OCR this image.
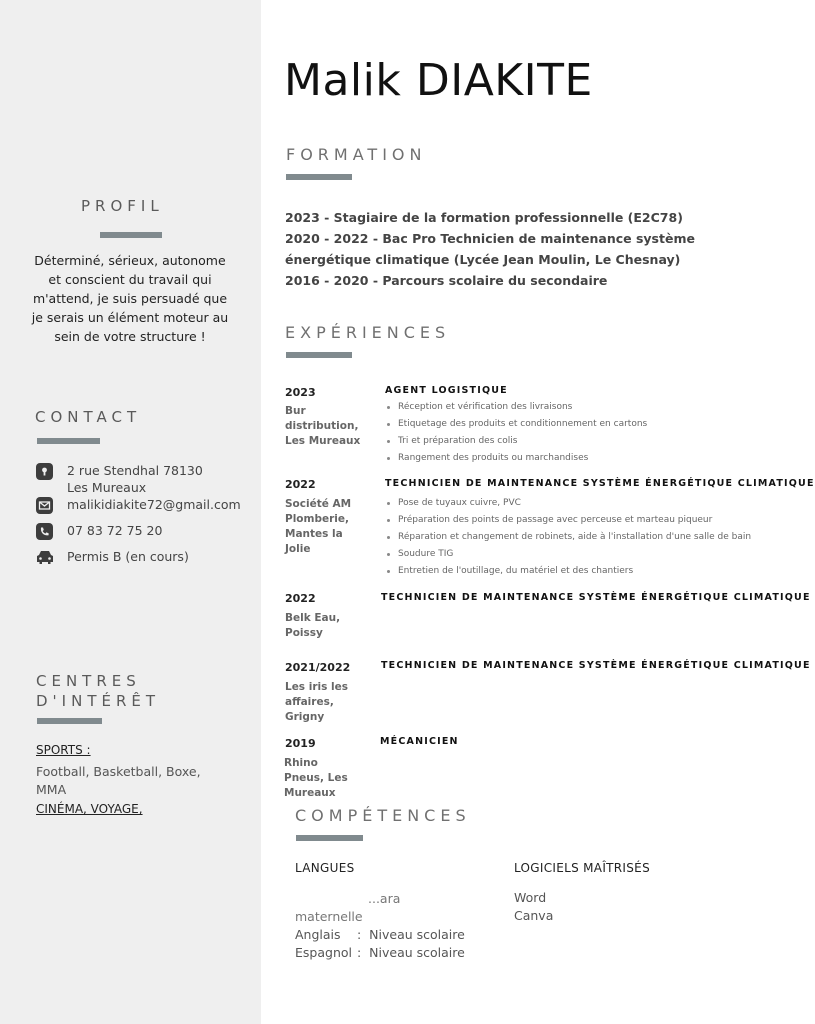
PROFIL
Déterminé, sérieux, autonome et conscient du travail qui m'attend, je suis persuadé que je serais un élément moteur au sein de votre structure !
CONTACT
2 rue Stendhal 78130
Les Mureaux
malikidiakite72@gmail.com
07 83 72 75 20
Permis B (en cours)
CENTRES
D'INTÉRÊT
SPORTS :
Football, Basketball, Boxe, MMA
CINÉMA, VOYAGE,
Malik DIAKITE
FORMATION
2023 - Stagiaire de la formation professionnelle (E2C78)
2020 - 2022 - Bac Pro Technicien de maintenance système énergétique climatique (Lycée Jean Moulin, Le Chesnay)
2016 - 2020 - Parcours scolaire du secondaire
EXPÉRIENCES
2023
Bur distribution, Les Mureaux
AGENT LOGISTIQUE
Réception et vérification des livraisons
Etiquetage des produits et conditionnement en cartons
Tri et préparation des colis
Rangement des produits ou marchandises
2022
Société AM Plomberie, Mantes la Jolie
TECHNICIEN DE MAINTENANCE SYSTÈME ÉNERGÉTIQUE CLIMATIQUE
Pose de tuyaux cuivre, PVC
Préparation des points de passage avec perceuse et marteau piqueur
Réparation et changement de robinets, aide à l'installation d'une salle de bain
Soudure TIG
Entretien de l'outillage, du matériel et des chantiers
2022
Belk Eau, Poissy
TECHNICIEN DE MAINTENANCE SYSTÈME ÉNERGÉTIQUE CLIMATIQUE
2021/2022
Les iris les affaires, Grigny
TECHNICIEN DE MAINTENANCE SYSTÈME ÉNERGÉTIQUE CLIMATIQUE
2019
Rhino Pneus, Les Mureaux
MÉCANICIEN
COMPÉTENCES
LANGUES
...ara
maternelle
Anglais :  Niveau scolaire
Espagnol :  Niveau scolaire
LOGICIELS MAÎTRISÉS
Word
Canva
